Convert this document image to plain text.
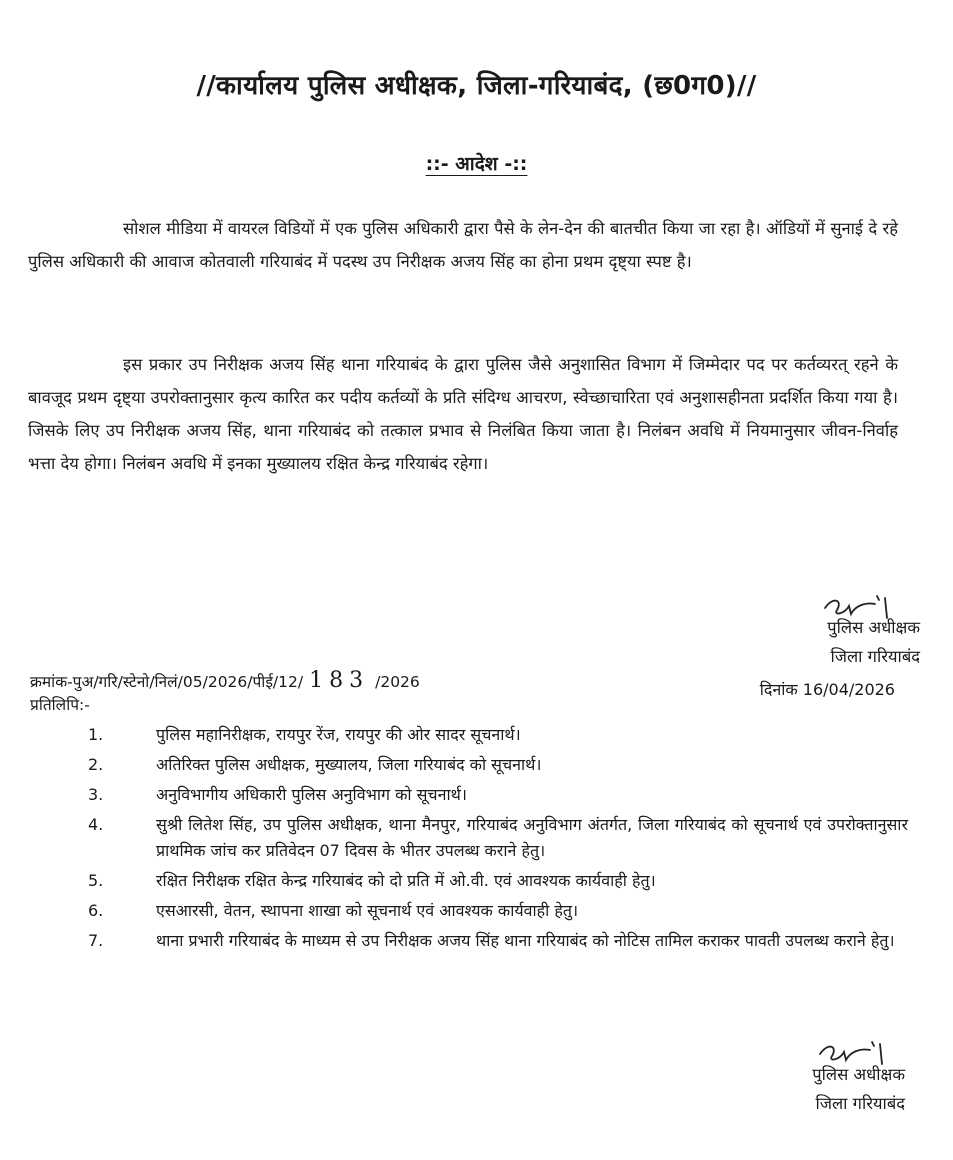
//कार्यालय पुलिस अधीक्षक, जिला-गरियाबंद, (छ0ग0)//
::- आदेश -::

सोशल मीडिया में वायरल विडियों में एक पुलिस अधिकारी द्वारा पैसे के लेन-देन की बातचीत किया जा रहा है। ऑडियों में सुनाई दे रहे पुलिस अधिकारी की आवाज कोतवाली गरियाबंद में पदस्थ उप निरीक्षक अजय सिंह का होना प्रथम दृष्ट्या स्पष्ट है।

इस प्रकार उप निरीक्षक अजय सिंह थाना गरियाबंद के द्वारा पुलिस जैसे अनुशासित विभाग में जिम्मेदार पद पर कर्तव्यरत् रहने के बावजूद प्रथम दृष्ट्या उपरोक्तानुसार कृत्य कारित कर पदीय कर्तव्यों के प्रति संदिग्ध आचरण, स्वेच्छाचारिता एवं अनुशासहीनता प्रदर्शित किया गया है। जिसके लिए उप निरीक्षक अजय सिंह, थाना गरियाबंद को तत्काल प्रभाव से निलंबित किया जाता है। निलंबन अवधि में नियमानुसार जीवन-निर्वाह भत्ता देय होगा। निलंबन अवधि में इनका मुख्यालय रक्षित केन्द्र गरियाबंद रहेगा।

पुलिस अधीक्षक
जिला गरियाबंद
क्रमांक-पुअ/गरि/स्टेनो/निलं/05/2026/पीई/12/ 183 /2026	दिनांक 16/04/2026
प्रतिलिपि:-
1.	पुलिस महानिरीक्षक, रायपुर रेंज, रायपुर की ओर सादर सूचनार्थ।
2.	अतिरिक्त पुलिस अधीक्षक, मुख्यालय, जिला गरियाबंद को सूचनार्थ।
3.	अनुविभागीय अधिकारी पुलिस अनुविभाग को सूचनार्थ।
4.	सुश्री लितेश सिंह, उप पुलिस अधीक्षक, थाना मैनपुर, गरियाबंद अनुविभाग अंतर्गत, जिला गरियाबंद को सूचनार्थ एवं उपरोक्तानुसार प्राथमिक जांच कर प्रतिवेदन 07 दिवस के भीतर उपलब्ध कराने हेतु।
5.	रक्षित निरीक्षक रक्षित केन्द्र गरियाबंद को दो प्रति में ओ.वी. एवं आवश्यक कार्यवाही हेतु।
6.	एसआरसी, वेतन, स्थापना शाखा को सूचनार्थ एवं आवश्यक कार्यवाही हेतु।
7.	थाना प्रभारी गरियाबंद के माध्यम से उप निरीक्षक अजय सिंह थाना गरियाबंद को नोटिस तामिल कराकर पावती उपलब्ध कराने हेतु।
पुलिस अधीक्षक
जिला गरियाबंद
